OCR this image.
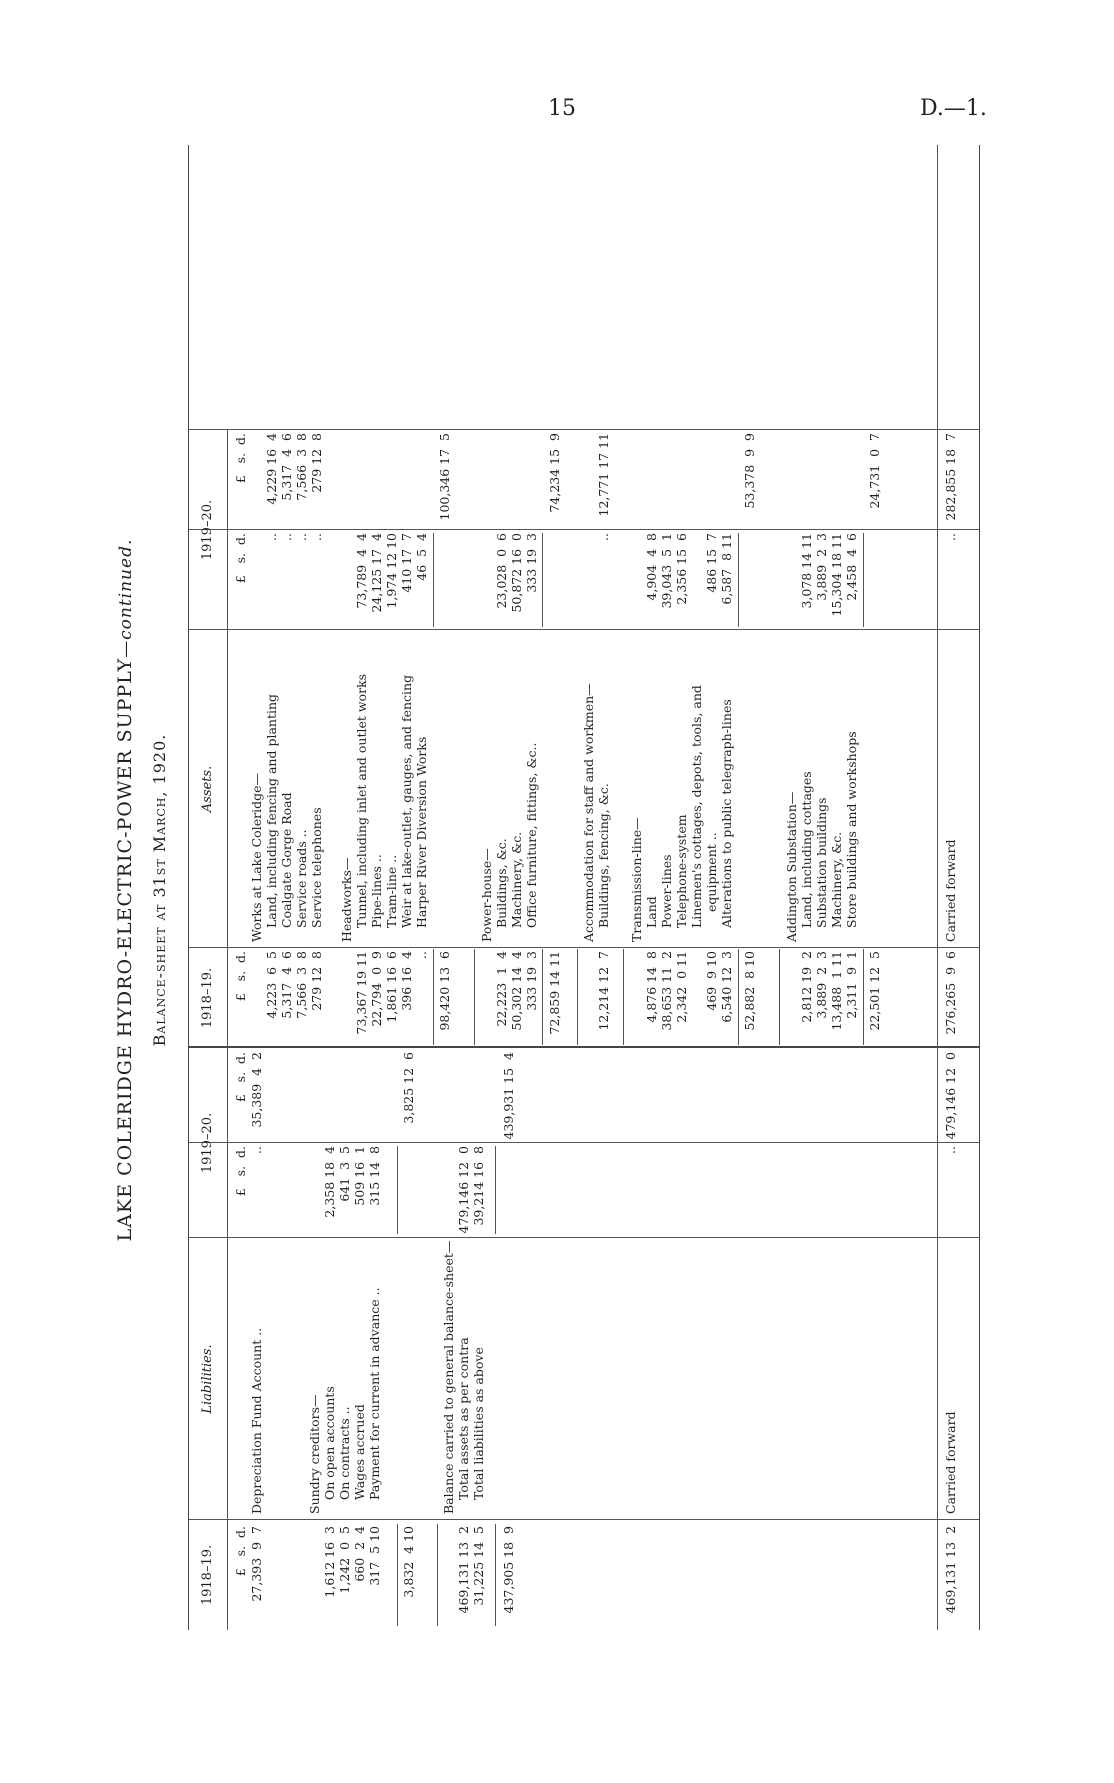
15	D.—1.
LAKE COLERIDGE HYDRO-ELECTRIC-POWER SUPPLY—continued.
Balance-sheet at 31st March, 1920.
1918–19.
Liabilities.
1919–20.
1918–19.
Assets.
1919–20.
£   s.  d.
£   s.  d.
£   s.  d.
£   s.  d.
£   s.  d.
£   s.  d.
Depreciation Fund Account ..
27,393  9  7
..
35,389  4  2
Sundry creditors— On open accounts
1,612 16  3
2,358 18  4
On contracts ..
1,242  0  5
641  3  5
Wages accrued
660  2  4
509 16  1
Payment for current in advance ..
317  5 10
315 14  8
3,832  4 10
3,825 12  6
Balance carried to general balance-sheet— Total assets as per contra
469,131 13  2
479,146 12  0
Total liabilities as above
31,225 14  5
39,214 16  8
437,905 18  9
439,931 15  4
Carried forward
469,131 13  2
..
479,146 12  0
Works at Lake Coleridge— Land, including fencing and planting
4,223  6  5
..
4,229 16  4
Coalgate Gorge Road
5,317  4  6
..
5,317  4  6
Service roads ..
7,566  3  8
..
7,566  3  8
Service telephones
279 12  8
..
279 12  8
Headworks— Tunnel, including inlet and outlet works
73,367 19 11
73,789  4  4
Pipe-lines ..
22,794  0  9
24,125 17  4
Tram-line ..
1,861 16  6
1,974 12 10
Weir at lake-outlet, gauges, and fencing
396 16  4
410 17  7
Harper River Diversion Works
..
46  5  4
98,420 13  6
100,346 17  5
Power-house— Buildings, &c.
22,223  1  4
23,028  0  6
Machinery, &c.
50,302 14  4
50,872 16  0
Office furniture, fittings, &c..
333 19  3
333 19  3
72,859 14 11
74,234 15  9
Accommodation for staff and workmen— Buildings, fencing, &c.
12,214 12  7
..
12,771 17 11
Transmission-line— Land
4,876 14  8
4,904  4  8
Power-lines
38,653 11  2
39,043  5  1
Telephone-system
2,342  0 11
2,356 15  6
Linemen's cottages, depots, tools, and equipment ..
469  9 10
486 15  7
Alterations to public telegraph-lines
6,540 12  3
6,587  8 11
52,882  8 10
53,378  9  9
Addington Substation— Land, including cottages
2,812 19  2
3,078 14 11
Substation buildings
3,889  2  3
3,889  2  3
Machinery, &c.
13,488  1 11
15,304 18 11
Store buildings and workshops
2,311  9  1
2,458  4  6
22,501 12  5
24,731  0  7
Carried forward
276,265  9  6
..
282,855 18  7
